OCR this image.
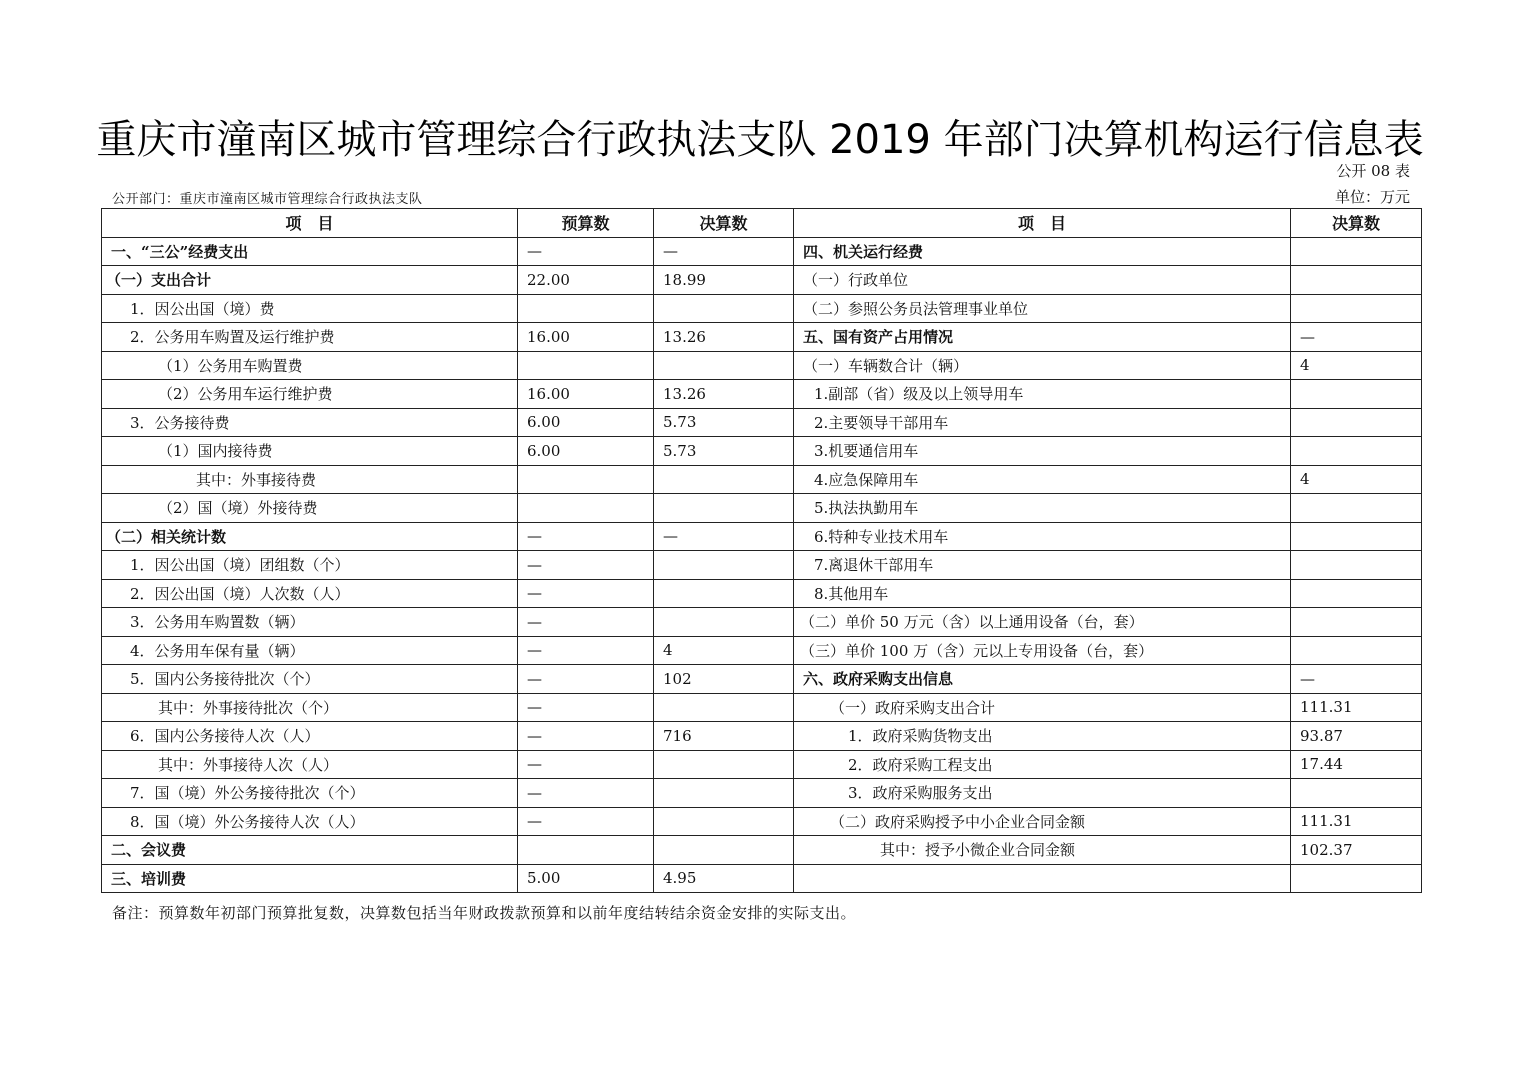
重庆市潼南区城市管理综合行政执法支队 2019 年部门决算机构运行信息表
公开 08 表
公开部门：重庆市潼南区城市管理综合行政执法支队	单位：万元
项　目	预算数	决算数	项　目	决算数
一、“三公”经费支出	—	—	四、机关运行经费	
（一）支出合计	22.00	18.99	（一）行政单位	
1．因公出国（境）费			（二）参照公务员法管理事业单位	
2．公务用车购置及运行维护费	16.00	13.26	五、国有资产占用情况	—
（1）公务用车购置费			（一）车辆数合计（辆）	4
（2）公务用车运行维护费	16.00	13.26	1.副部（省）级及以上领导用车	
3．公务接待费	6.00	5.73	2.主要领导干部用车	
（1）国内接待费	6.00	5.73	3.机要通信用车	
其中：外事接待费			4.应急保障用车	4
（2）国（境）外接待费			5.执法执勤用车	
（二）相关统计数	—	—	6.特种专业技术用车	
1．因公出国（境）团组数（个）	—		7.离退休干部用车	
2．因公出国（境）人次数（人）	—		8.其他用车	
3．公务用车购置数（辆）	—		（二）单价 50 万元（含）以上通用设备（台，套）	
4．公务用车保有量（辆）	—	4	（三）单价 100 万（含）元以上专用设备（台，套）	
5．国内公务接待批次（个）	—	102	六、政府采购支出信息	—
其中：外事接待批次（个）	—		（一）政府采购支出合计	111.31
6．国内公务接待人次（人）	—	716	1．政府采购货物支出	93.87
其中：外事接待人次（人）	—		2．政府采购工程支出	17.44
7．国（境）外公务接待批次（个）	—		3．政府采购服务支出	
8．国（境）外公务接待人次（人）	—		（二）政府采购授予中小企业合同金额	111.31
二、会议费			其中：授予小微企业合同金额	102.37
三、培训费	5.00	4.95		
备注：预算数年初部门预算批复数，决算数包括当年财政拨款预算和以前年度结转结余资金安排的实际支出。
